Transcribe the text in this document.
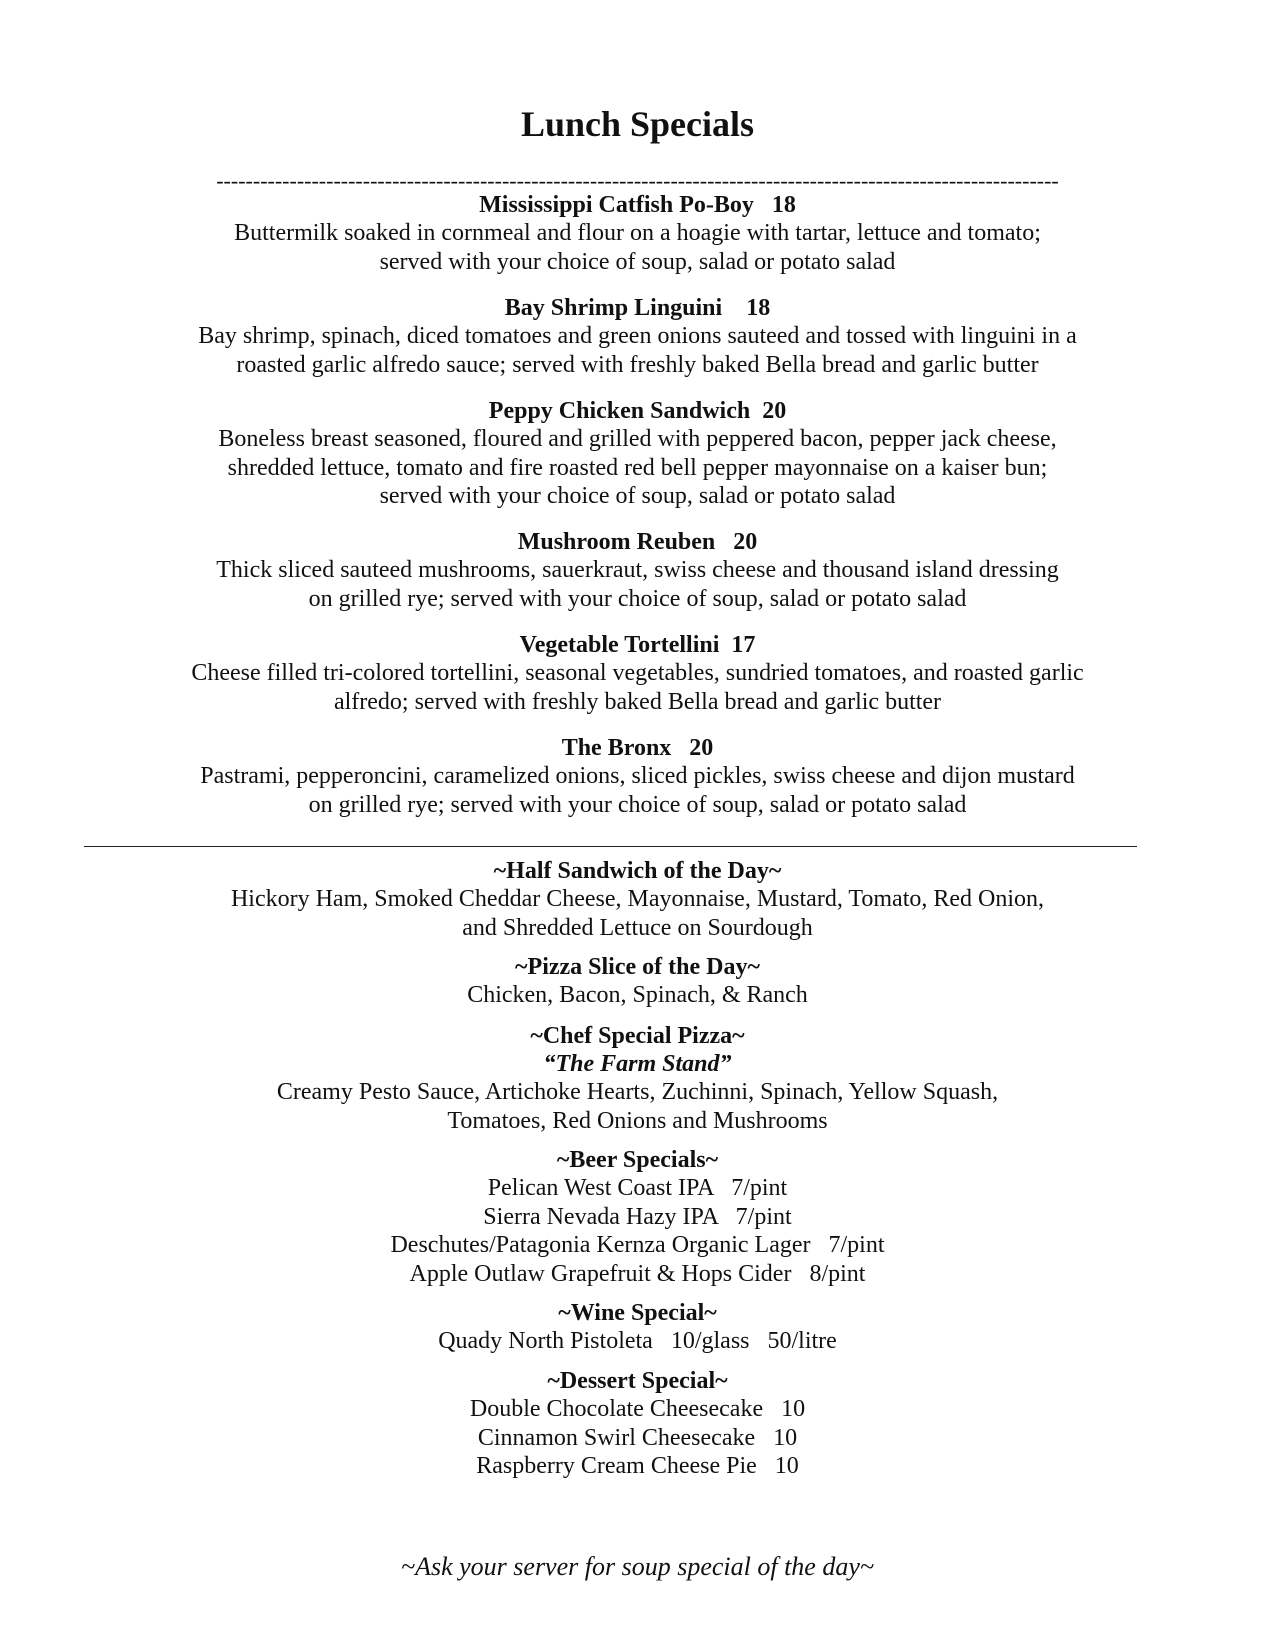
Lunch Specials
-------------------------------------------------------------------------------------------------------------------
Mississippi Catfish Po-Boy   18
Buttermilk soaked in cornmeal and flour on a hoagie with tartar, lettuce and tomato;
served with your choice of soup, salad or potato salad
Bay Shrimp Linguini    18
Bay shrimp, spinach, diced tomatoes and green onions sauteed and tossed with linguini in a
roasted garlic alfredo sauce; served with freshly baked Bella bread and garlic butter
Peppy Chicken Sandwich  20
Boneless breast seasoned, floured and grilled with peppered bacon, pepper jack cheese,
shredded lettuce, tomato and fire roasted red bell pepper mayonnaise on a kaiser bun;
served with your choice of soup, salad or potato salad
Mushroom Reuben   20
Thick sliced sauteed mushrooms, sauerkraut, swiss cheese and thousand island dressing
on grilled rye; served with your choice of soup, salad or potato salad
Vegetable Tortellini  17
Cheese filled tri-colored tortellini, seasonal vegetables, sundried tomatoes, and roasted garlic
alfredo; served with freshly baked Bella bread and garlic butter
The Bronx   20
Pastrami, pepperoncini, caramelized onions, sliced pickles, swiss cheese and dijon mustard
on grilled rye; served with your choice of soup, salad or potato salad
~Half Sandwich of the Day~
Hickory Ham, Smoked Cheddar Cheese, Mayonnaise, Mustard, Tomato, Red Onion,
and Shredded Lettuce on Sourdough
~Pizza Slice of the Day~
Chicken, Bacon, Spinach, & Ranch
~Chef Special Pizza~
“The Farm Stand”
Creamy Pesto Sauce, Artichoke Hearts, Zuchinni, Spinach, Yellow Squash,
Tomatoes, Red Onions and Mushrooms
~Beer Specials~
Pelican West Coast IPA   7/pint
Sierra Nevada Hazy IPA   7/pint
Deschutes/Patagonia Kernza Organic Lager   7/pint
Apple Outlaw Grapefruit & Hops Cider   8/pint
~Wine Special~
Quady North Pistoleta   10/glass   50/litre
~Dessert Special~
Double Chocolate Cheesecake   10
Cinnamon Swirl Cheesecake   10
Raspberry Cream Cheese Pie   10
~Ask your server for soup special of the day~
